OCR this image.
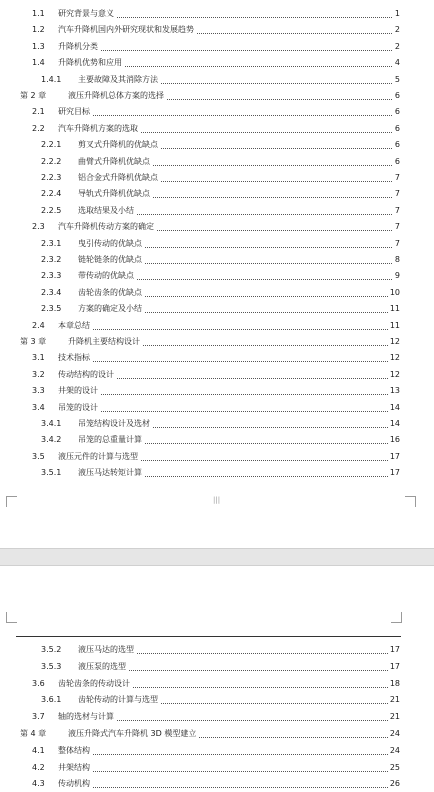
1.1 研究背景与意义	1
1.2 汽车升降机国内外研究现状和发展趋势	2
1.3 升降机分类	2
1.4 升降机优势和应用	4
1.4.1 主要故障及其消除方法	5
第 2 章	液压升降机总体方案的选择	6
2.1 研究目标	6
2.2 汽车升降机方案的选取	6
2.2.1 剪叉式升降机的优缺点	6
2.2.2 曲臂式升降机优缺点	6
2.2.3 铝合金式升降机优缺点	7
2.2.4 导轨式升降机优缺点	7
2.2.5 选取结果及小结	7
2.3 汽车升降机传动方案的确定	7
2.3.1 曳引传动的优缺点	7
2.3.2 链轮链条的优缺点	8
2.3.3 带传动的优缺点	9
2.3.4 齿轮齿条的优缺点	10
2.3.5 方案的确定及小结	11
2.4 本章总结	11
第 3 章	升降机主要结构设计	12
3.1 技术指标	12
3.2 传动结构的设计	12
3.3 井架的设计	13
3.4 吊笼的设计	14
3.4.1 吊笼结构设计及选材	14
3.4.2 吊笼的总重量计算	16
3.5 液压元件的计算与选型	17
3.5.1 液压马达转矩计算	17
|||
3.5.2 液压马达的选型	17
3.5.3 液压泵的选型	17
3.6 齿轮齿条的传动设计	18
3.6.1 齿轮传动的计算与选型	21
3.7 轴的选材与计算	21
第 4 章	液压升降式汽车升降机 3D 模型建立	24
4.1 整体结构	24
4.2 井架结构	25
4.3 传动机构	26
